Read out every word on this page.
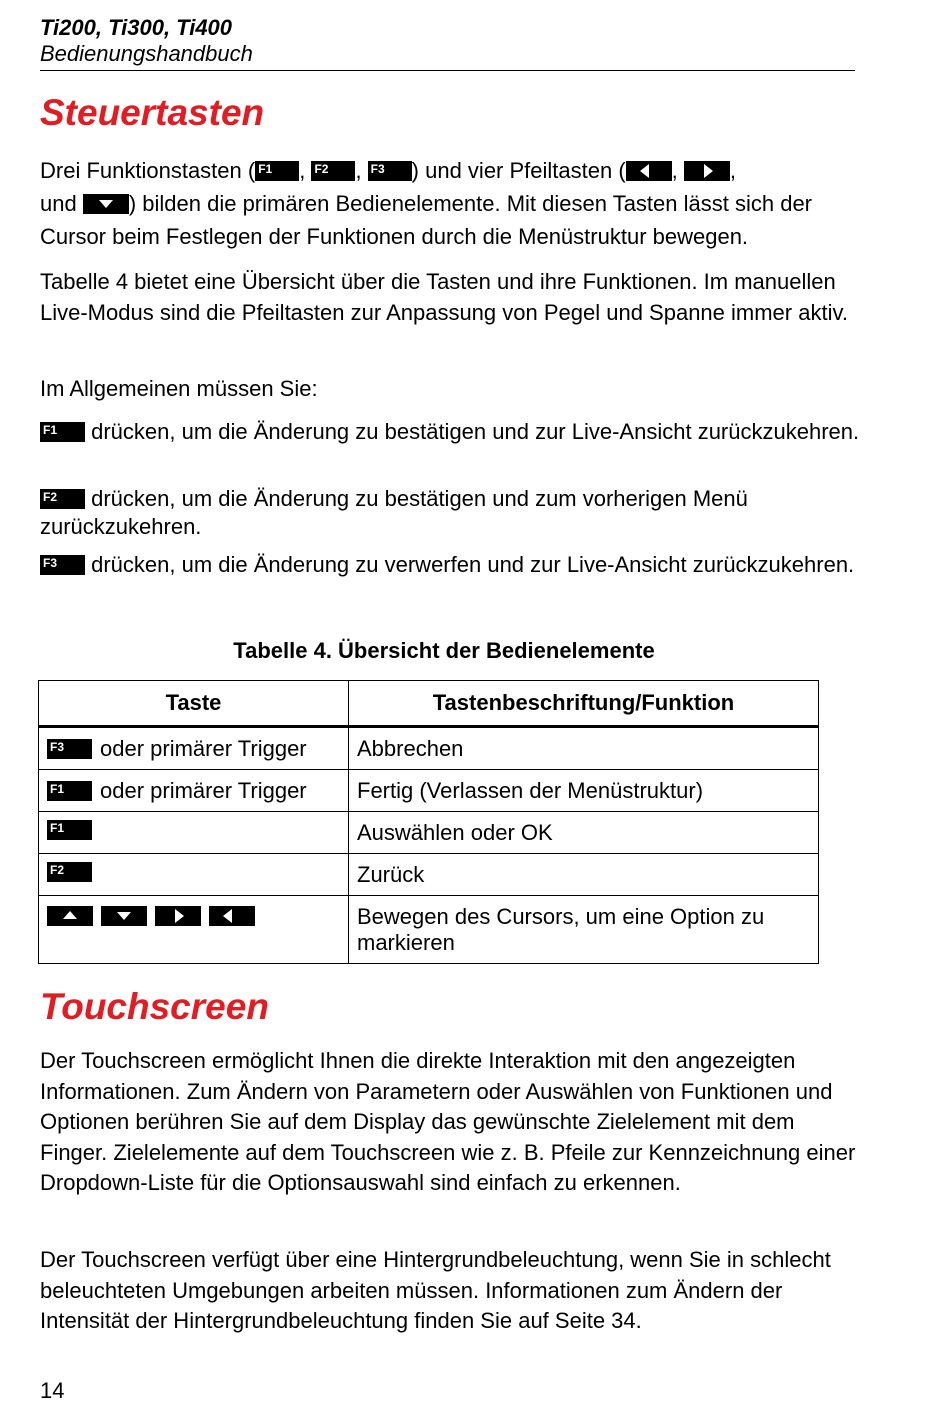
Ti200, Ti300, Ti400
Bedienungshandbuch
Steuertasten

Drei Funktionstasten ( F1 , F2 , F3 ) und vier Pfeiltasten ( ,
,
und
) bilden die primären Bedienelemente. Mit diesen Tasten lässt sich der Cursor beim Festlegen der Funktionen durch die Menüstruktur bewegen.

Tabelle 4 bietet eine Übersicht über die Tasten und ihre Funktionen. Im manuellen Live-Modus sind die Pfeiltasten zur Anpassung von Pegel und Spanne immer aktiv.

Im Allgemeinen müssen Sie:

F1 drücken, um die Änderung zu bestätigen und zur Live-Ansicht zurückzukehren.

F2 drücken, um die Änderung zu bestätigen und zum vorherigen Menü zurückzukehren.

F3 drücken, um die Änderung zu verwerfen und zur Live-Ansicht zurückzukehren.

Tabelle 4. Übersicht der Bedienelemente
Taste	Tastenbeschriftung/Funktion

F3 oder primärer Trigger	Abbrechen

F1 oder primärer Trigger	Fertig (Verlassen der Menüstruktur)

F1	Auswählen oder OK

F2	Zurück

	Bewegen des Cursors, um eine Option zu markieren
Touchscreen

Der Touchscreen ermöglicht Ihnen die direkte Interaktion mit den angezeigten Informationen. Zum Ändern von Parametern oder Auswählen von Funktionen und Optionen berühren Sie auf dem Display das gewünschte Zielelement mit dem Finger. Zielelemente auf dem Touchscreen wie z. B. Pfeile zur Kennzeichnung einer Dropdown-Liste für die Optionsauswahl sind einfach zu erkennen.

Der Touchscreen verfügt über eine Hintergrundbeleuchtung, wenn Sie in schlecht beleuchteten Umgebungen arbeiten müssen. Informationen zum Ändern der Intensität der Hintergrundbeleuchtung finden Sie auf Seite 34.

14
